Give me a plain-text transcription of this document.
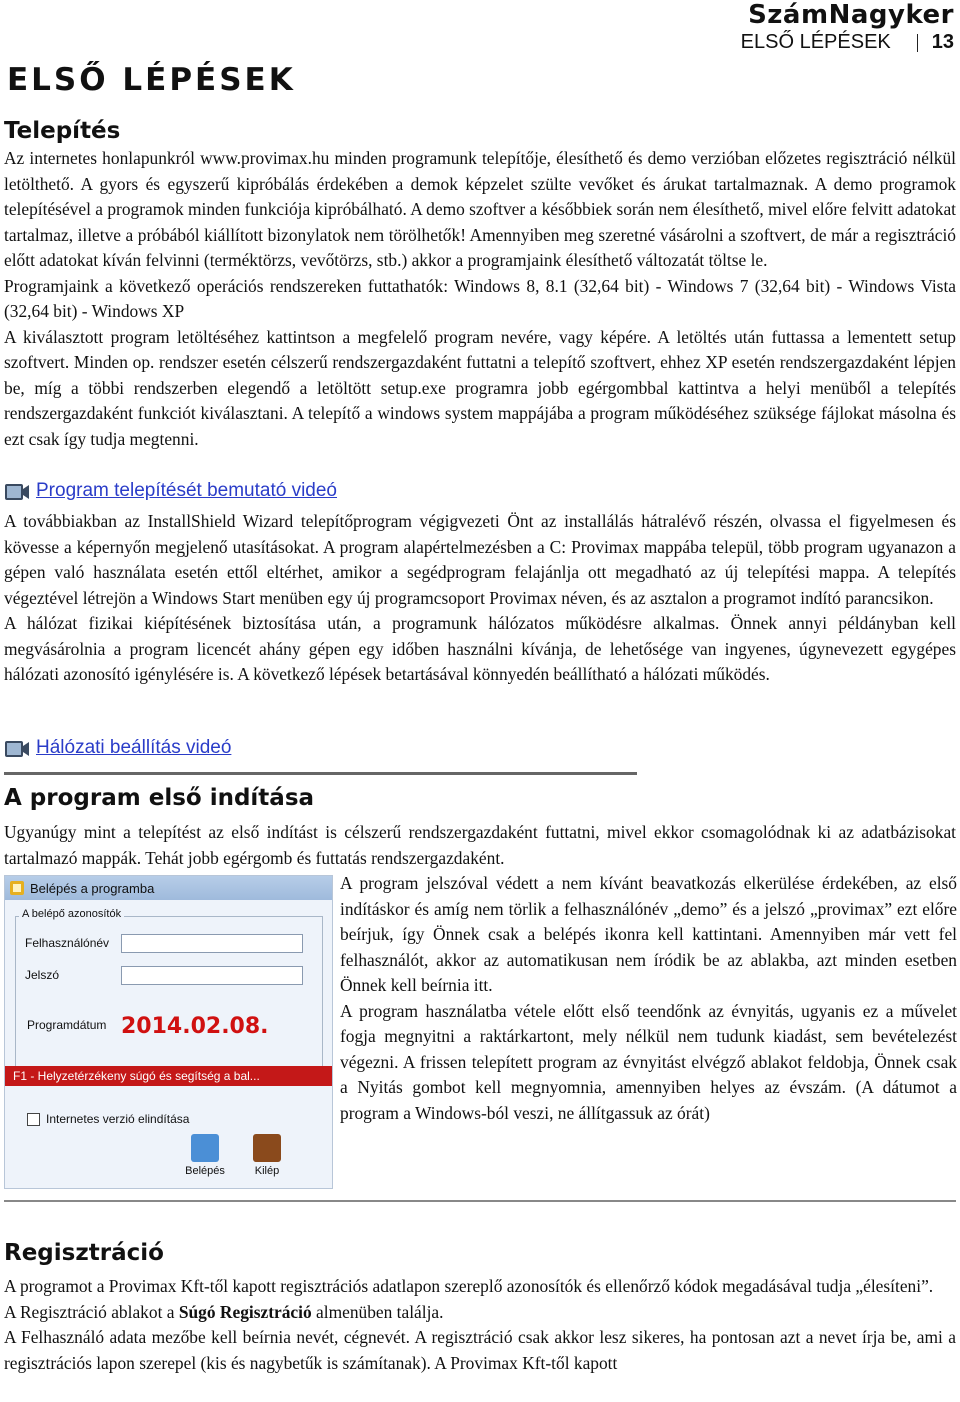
SzámNagyker
ELSŐ LÉPÉSEK 13
ELSŐ LÉPÉSEK
Telepítés

Az internetes honlapunkról www.provimax.hu minden programunk telepítője, élesíthető és demo verzióban előzetes regisztráció nélkül letölthető. A gyors és egyszerű kipróbálás érdekében a demok képzelet szülte vevőket és árukat tartalmaznak. A demo programok telepítésével a programok minden funkciója kipróbálható. A demo szoftver a későbbiek során nem élesíthető, mivel előre felvitt adatokat tartalmaz, illetve a próbából kiállított bizonylatok nem törölhetők! Amennyiben meg szeretné vásárolni a szoftvert, de már a regisztráció előtt adatokat kíván felvinni (terméktörzs, vevőtörzs, stb.) akkor a programjaink élesíthető változatát töltse le.

Programjaink a következő operációs rendszereken futtathatók: Windows 8, 8.1 (32,64 bit) - Windows 7 (32,64 bit) - Windows Vista (32,64 bit) - Windows XP

A kiválasztott program letöltéséhez kattintson a megfelelő program nevére, vagy képére. A letöltés után futtassa a lementett setup szoftvert. Minden op. rendszer esetén célszerű rendszergazdaként futtatni a telepítő szoftvert, ehhez XP esetén rendszergazdaként lépjen be, míg a többi rendszerben elegendő a letöltött setup.exe programra jobb egérgombbal kattintva a helyi menüből a telepítés rendszergazdaként funkciót kiválasztani. A telepítő a windows system mappájába a program működéséhez szüksége fájlokat másolna és ezt csak így tudja megtenni.

Program telepítését bemutató videó

A továbbiakban az InstallShield Wizard telepítőprogram végigvezeti Önt az installálás hátralévő részén, olvassa el figyelmesen és kövesse a képernyőn megjelenő utasításokat. A program alapértelmezésben a C: Provimax mappába települ, több program ugyanazon a gépen való használata esetén ettől eltérhet, amikor a segédprogram felajánlja ott megadható az új telepítési mappa. A telepítés végeztével létrejön a Windows Start menüben egy új programcsoport Provimax néven, és az asztalon a programot indító parancsikon.

A hálózat fizikai kiépítésének biztosítása után, a programunk hálózatos működésre alkalmas. Önnek annyi példányban kell megvásárolnia a program licencét ahány gépen egy időben használni kívánja, de lehetősége van ingyenes, úgynevezett egygépes hálózati azonosító igénylésére is. A következő lépések betartásával könnyedén beállítható a hálózati működés.

Hálózati beállítás videó
A program első indítása

Ugyanúgy mint a telepítést az első indítást is célszerű rendszergazdaként futtatni, mivel ekkor csomagolódnak ki az adatbázisokat tartalmazó mappák. Tehát jobb egérgomb és futtatás rendszergazdaként.

A program jelszóval védett a nem kívánt beavatkozás elkerülése érdekében, az első indításkor és amíg nem törlik a felhasználónév „demo” és a jelszó „provimax” ezt előre beírjuk, így Önnek csak a belépés ikonra kell kattintani. Amennyiben már vett fel felhasználót, akkor az automatikusan nem íródik be az ablakba, azt minden esetben Önnek kell beírnia itt.

A program használatba vétele előtt első teendőnk az évnyitás, ugyanis ez a művelet fogja megnyitni a raktárkartont, mely nélkül nem tudunk kiadást, sem bevételezést végezni. A frissen telepített program az évnyitást elvégző ablakot feldobja, Önnek csak a Nyitás gombot kell megnyomnia, amennyiben helyes az évszám. (A dátumot a program a Windows-ból veszi, ne állítgassuk az órát)

Belépés a programba
A belépő azonosítók
Felhasználónév
Jelszó
Programdátum 2014.02.08.
F1 - Helyzetérzékeny súgó és segítség a bal...
Internetes verzió elindítása
Belépés	Kilép
Regisztráció

A programot a Provimax Kft-től kapott regisztrációs adatlapon szereplő azonosítók és ellenőrző kódok megadásával tudja „élesíteni”.

A Regisztráció ablakot a Súgó Regisztráció almenüben találja.

A Felhasználó adata mezőbe kell beírnia nevét, cégnevét. A regisztráció csak akkor lesz sikeres, ha pontosan azt a nevet írja be, ami a regisztrációs lapon szerepel (kis és nagybetűk is számítanak). A Provimax Kft-től kapott
